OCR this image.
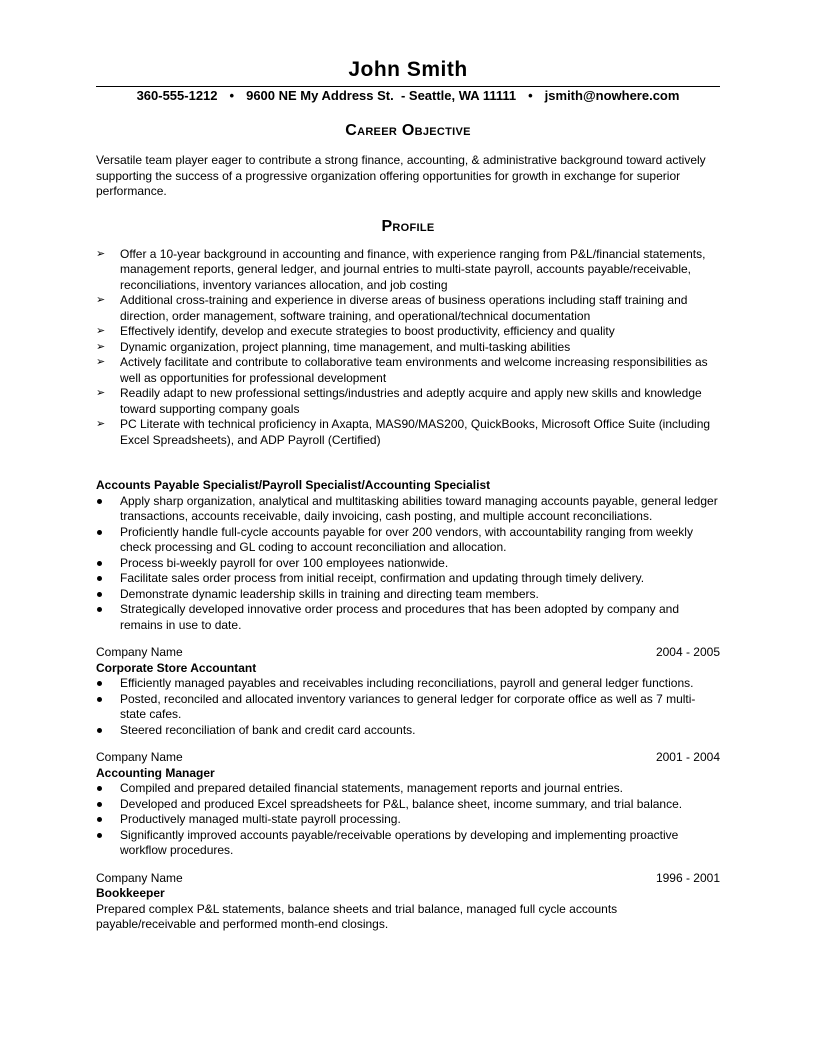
John Smith
360-555-1212 • 9600 NE My Address St.  - Seattle, WA 11111 • jsmith@nowhere.com
Career Objective
Versatile team player eager to contribute a strong finance, accounting, & administrative background toward actively supporting the success of a progressive organization offering opportunities for growth in exchange for superior performance.
Profile
➢	Offer a 10-year background in accounting and finance, with experience ranging from P&L/financial statements, management reports, general ledger, and journal entries to multi-state payroll, accounts payable/receivable, reconciliations, inventory variances allocation, and job costing
➢	Additional cross-training and experience in diverse areas of business operations including staff training and direction, order management, software training, and operational/technical documentation
➢	Effectively identify, develop and execute strategies to boost productivity, efficiency and quality
➢	Dynamic organization, project planning, time management, and multi-tasking abilities
➢	Actively facilitate and contribute to collaborative team environments and welcome increasing responsibilities as well as opportunities for professional development
➢	Readily adapt to new professional settings/industries and adeptly acquire and apply new skills and knowledge toward supporting company goals
➢	PC Literate with technical proficiency in Axapta, MAS90/MAS200, QuickBooks, Microsoft Office Suite (including Excel Spreadsheets), and ADP Payroll (Certified)
Accounts Payable Specialist/Payroll Specialist/Accounting Specialist
Apply sharp organization, analytical and multitasking abilities toward managing accounts payable, general ledger transactions, accounts receivable, daily invoicing, cash posting, and multiple account reconciliations.
Proficiently handle full-cycle accounts payable for over 200 vendors, with accountability ranging from weekly check processing and GL coding to account reconciliation and allocation.
Process bi-weekly payroll for over 100 employees nationwide.
Facilitate sales order process from initial receipt, confirmation and updating through timely delivery.
Demonstrate dynamic leadership skills in training and directing team members.
Strategically developed innovative order process and procedures that has been adopted by company and remains in use to date.
Company Name	2004 - 2005
Corporate Store Accountant
Efficiently managed payables and receivables including reconciliations, payroll and general ledger functions.
Posted, reconciled and allocated inventory variances to general ledger for corporate office as well as 7 multi-state cafes.
Steered reconciliation of bank and credit card accounts.
Company Name	2001 - 2004
Accounting Manager
Compiled and prepared detailed financial statements, management reports and journal entries.
Developed and produced Excel spreadsheets for P&L, balance sheet, income summary, and trial balance.
Productively managed multi-state payroll processing.
Significantly improved accounts payable/receivable operations by developing and implementing proactive workflow procedures.
Company Name	1996 - 2001
Bookkeeper
Prepared complex P&L statements, balance sheets and trial balance, managed full cycle accounts payable/receivable and performed month-end closings.
